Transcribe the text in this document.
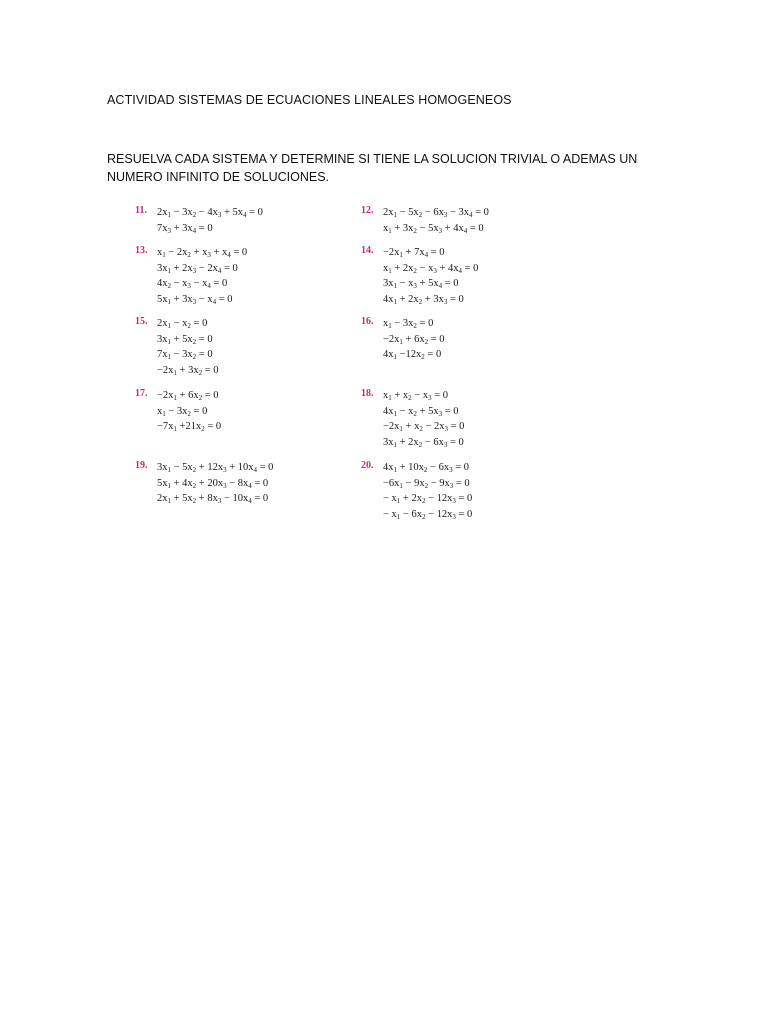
ACTIVIDAD SISTEMAS DE ECUACIONES LINEALES HOMOGENEOS
RESUELVA CADA SISTEMA Y DETERMINE SI TIENE LA SOLUCION TRIVIAL O ADEMAS UN NUMERO INFINITO DE SOLUCIONES.
11. $2x_1 - 3x_2 - 4x_3 + 5x_4 = 0$
$7x_3 + 3x_4 = 0$
12. $2x_1 - 5x_2 - 6x_3 - 3x_4 = 0$
$x_1 + 3x_2 - 5x_3 + 4x_4 = 0$
13. $x_1 - 2x_2 + x_3 + x_4 = 0$
$3x_1 + 2x_3 - 2x_4 = 0$
$4x_2 - x_3 - x_4 = 0$
$5x_1 + 3x_3 - x_4 = 0$
14. $-2x_1 + 7x_4 = 0$
$x_1 + 2x_2 - x_3 + 4x_4 = 0$
$3x_1 - x_3 + 5x_4 = 0$
$4x_1 + 2x_2 + 3x_3 = 0$
15. $2x_1 - x_2 = 0$
$3x_1 + 5x_2 = 0$
$7x_1 - 3x_2 = 0$
$-2x_1 + 3x_2 = 0$
16. $x_1 - 3x_2 = 0$
$-2x_1 + 6x_2 = 0$
$4x_1 -12x_2 = 0$
17. $-2x_1 + 6x_2 = 0$
$x_1 - 3x_2 = 0$
$-7x_1 +21x_2 = 0$
18. $x_1 + x_2 - x_3 = 0$
$4x_1 - x_2 + 5x_3 = 0$
$-2x_1 + x_2 - 2x_3 = 0$
$3x_1 + 2x_2 - 6x_3 = 0$
19. $3x_1 - 5x_2 + 12x_3 + 10x_4 = 0$
$5x_1 + 4x_2 + 20x_3 - 8x_4 = 0$
$2x_1 + 5x_2 + 8x_3 - 10x_4 = 0$
20. $4x_1 + 10x_2 - 6x_3 = 0$
$-6x_1 - 9x_2 - 9x_3 = 0$
− $x_1 + 2x_2 - 12x_3 = 0$
− $x_1 - 6x_2 - 12x_3 = 0$
